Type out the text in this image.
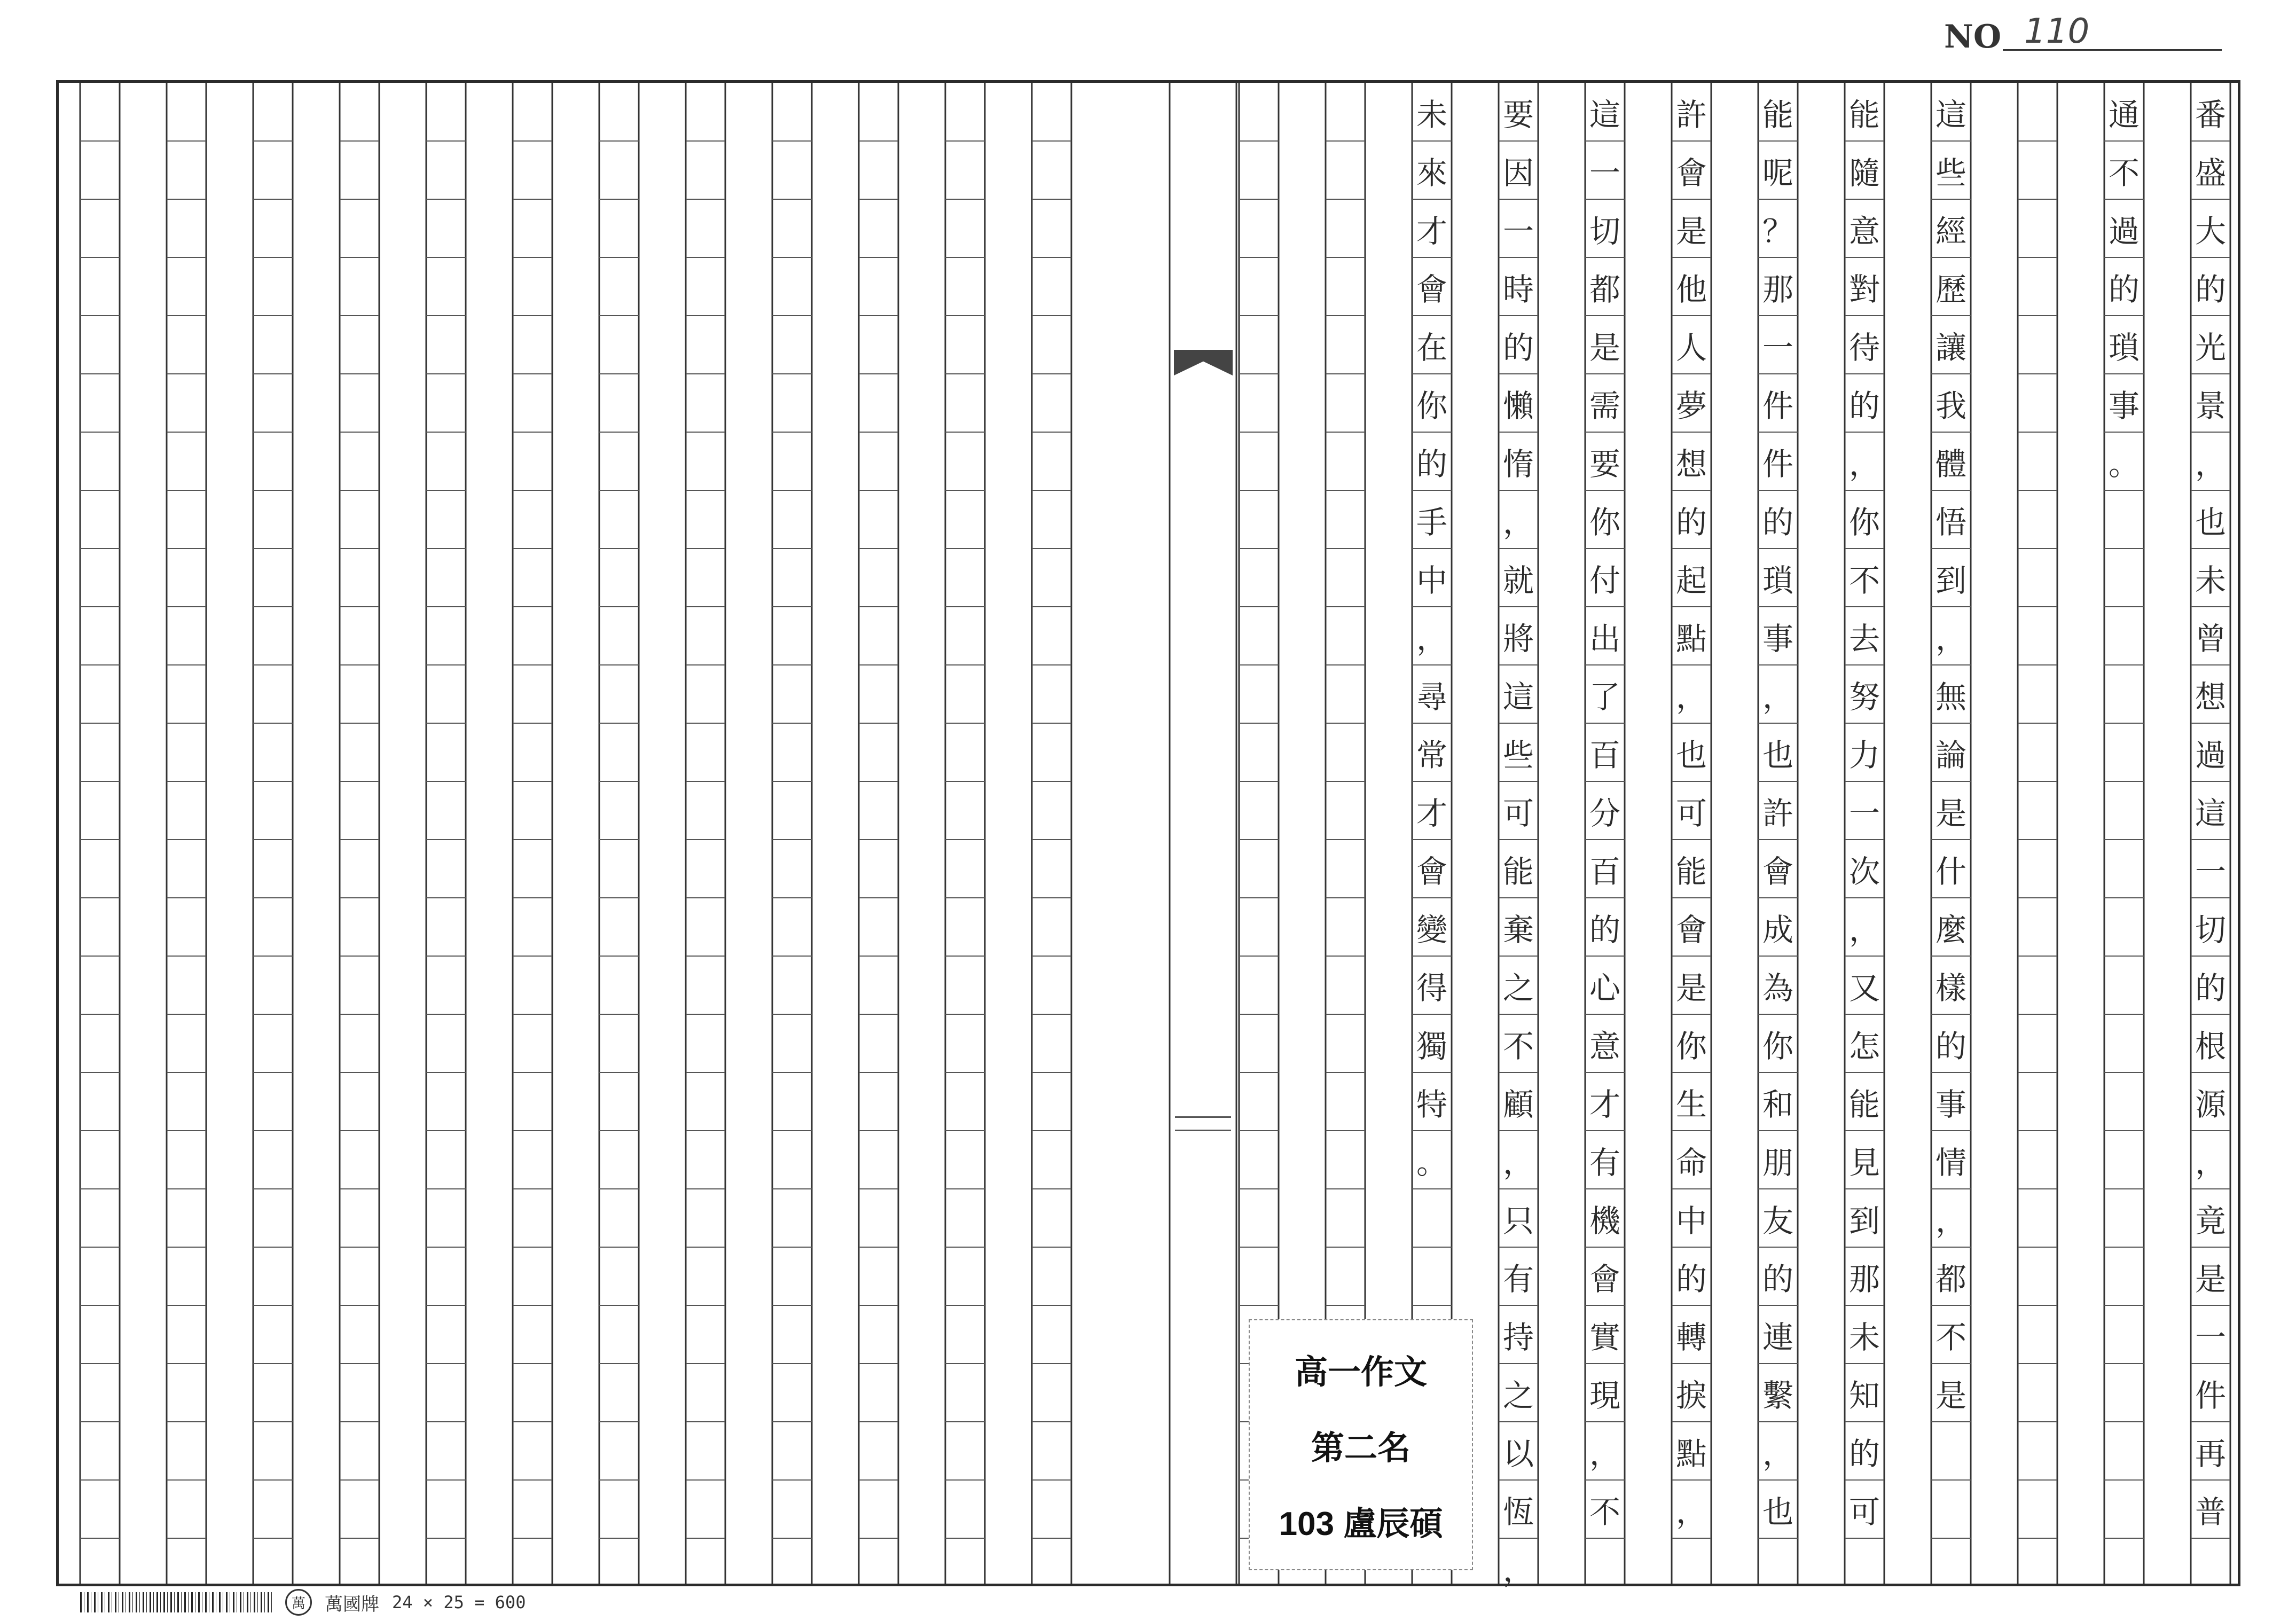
NO 110
番
盛
大
的
光
景
，
也
未
曾
想
過
這
一
切
的
根
源
，
竟
是
一
件
再
普
通
不
過
的
瑣
事
。
這
些
經
歷
讓
我
體
悟
到
，
無
論
是
什
麼
樣
的
事
情
，
都
不
是
能
隨
意
對
待
的
，
你
不
去
努
力
一
次
，
又
怎
能
見
到
那
未
知
的
可
能
呢
？
那
一
件
件
的
瑣
事
，
也
許
會
成
為
你
和
朋
友
的
連
繫
，
也
許
會
是
他
人
夢
想
的
起
點
，
也
可
能
會
是
你
生
命
中
的
轉
捩
點
，
這
一
切
都
是
需
要
你
付
出
了
百
分
百
的
心
意
才
有
機
會
實
現
，
不
要
因
一
時
的
懶
惰
，
就
將
這
些
可
能
棄
之
不
顧
，
只
有
持
之
以
恆
，
未
來
才
會
在
你
的
手
中
，
尋
常
才
會
變
得
獨
特
。
高一作文
第二名
103 盧辰碩
萬	萬國牌 24 × 25 = 600
